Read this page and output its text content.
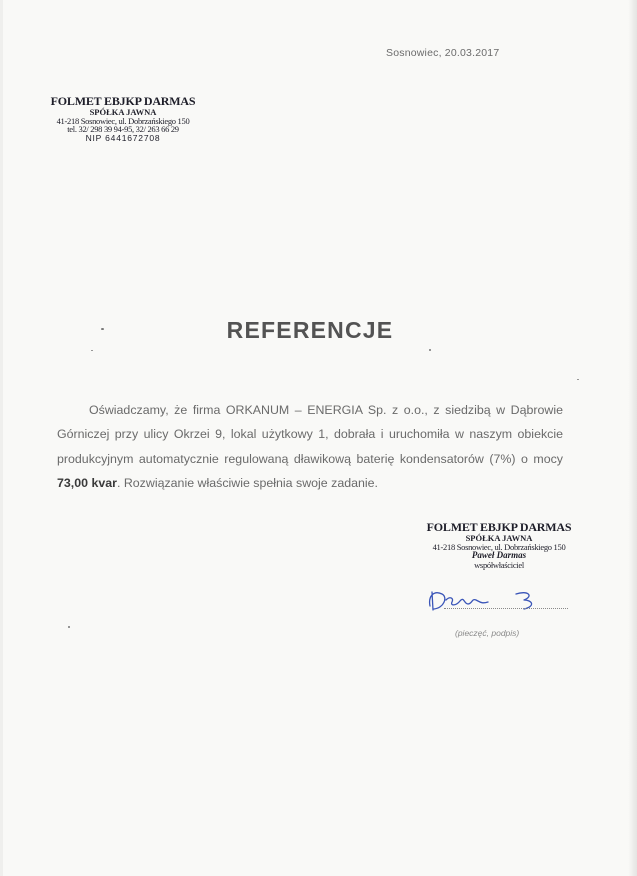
Sosnowiec, 20.03.2017
FOLMET EBJKP DARMAS
SPÓŁKA JAWNA
41-218 Sosnowiec, ul. Dobrzańskiego 150
tel. 32/ 298 39 94-95, 32/ 263 66 29
NIP 6441672708
REFERENCJE
Oświadczamy, że firma ORKANUM – ENERGIA Sp. z o.o., z siedzibą w Dąbrowie Górniczej przy ulicy Okrzei 9, lokal użytkowy 1, dobrała i uruchomiła w naszym obiekcie produkcyjnym automatycznie regulowaną dławikową baterię kondensatorów (7%) o mocy 73,00 kvar. Rozwiązanie właściwie spełnia swoje zadanie.
FOLMET EBJKP DARMAS
SPÓŁKA JAWNA
41-218 Sosnowiec, ul. Dobrzańskiego 150
Paweł Darmas
współwłaściciel
(pieczęć, podpis)
